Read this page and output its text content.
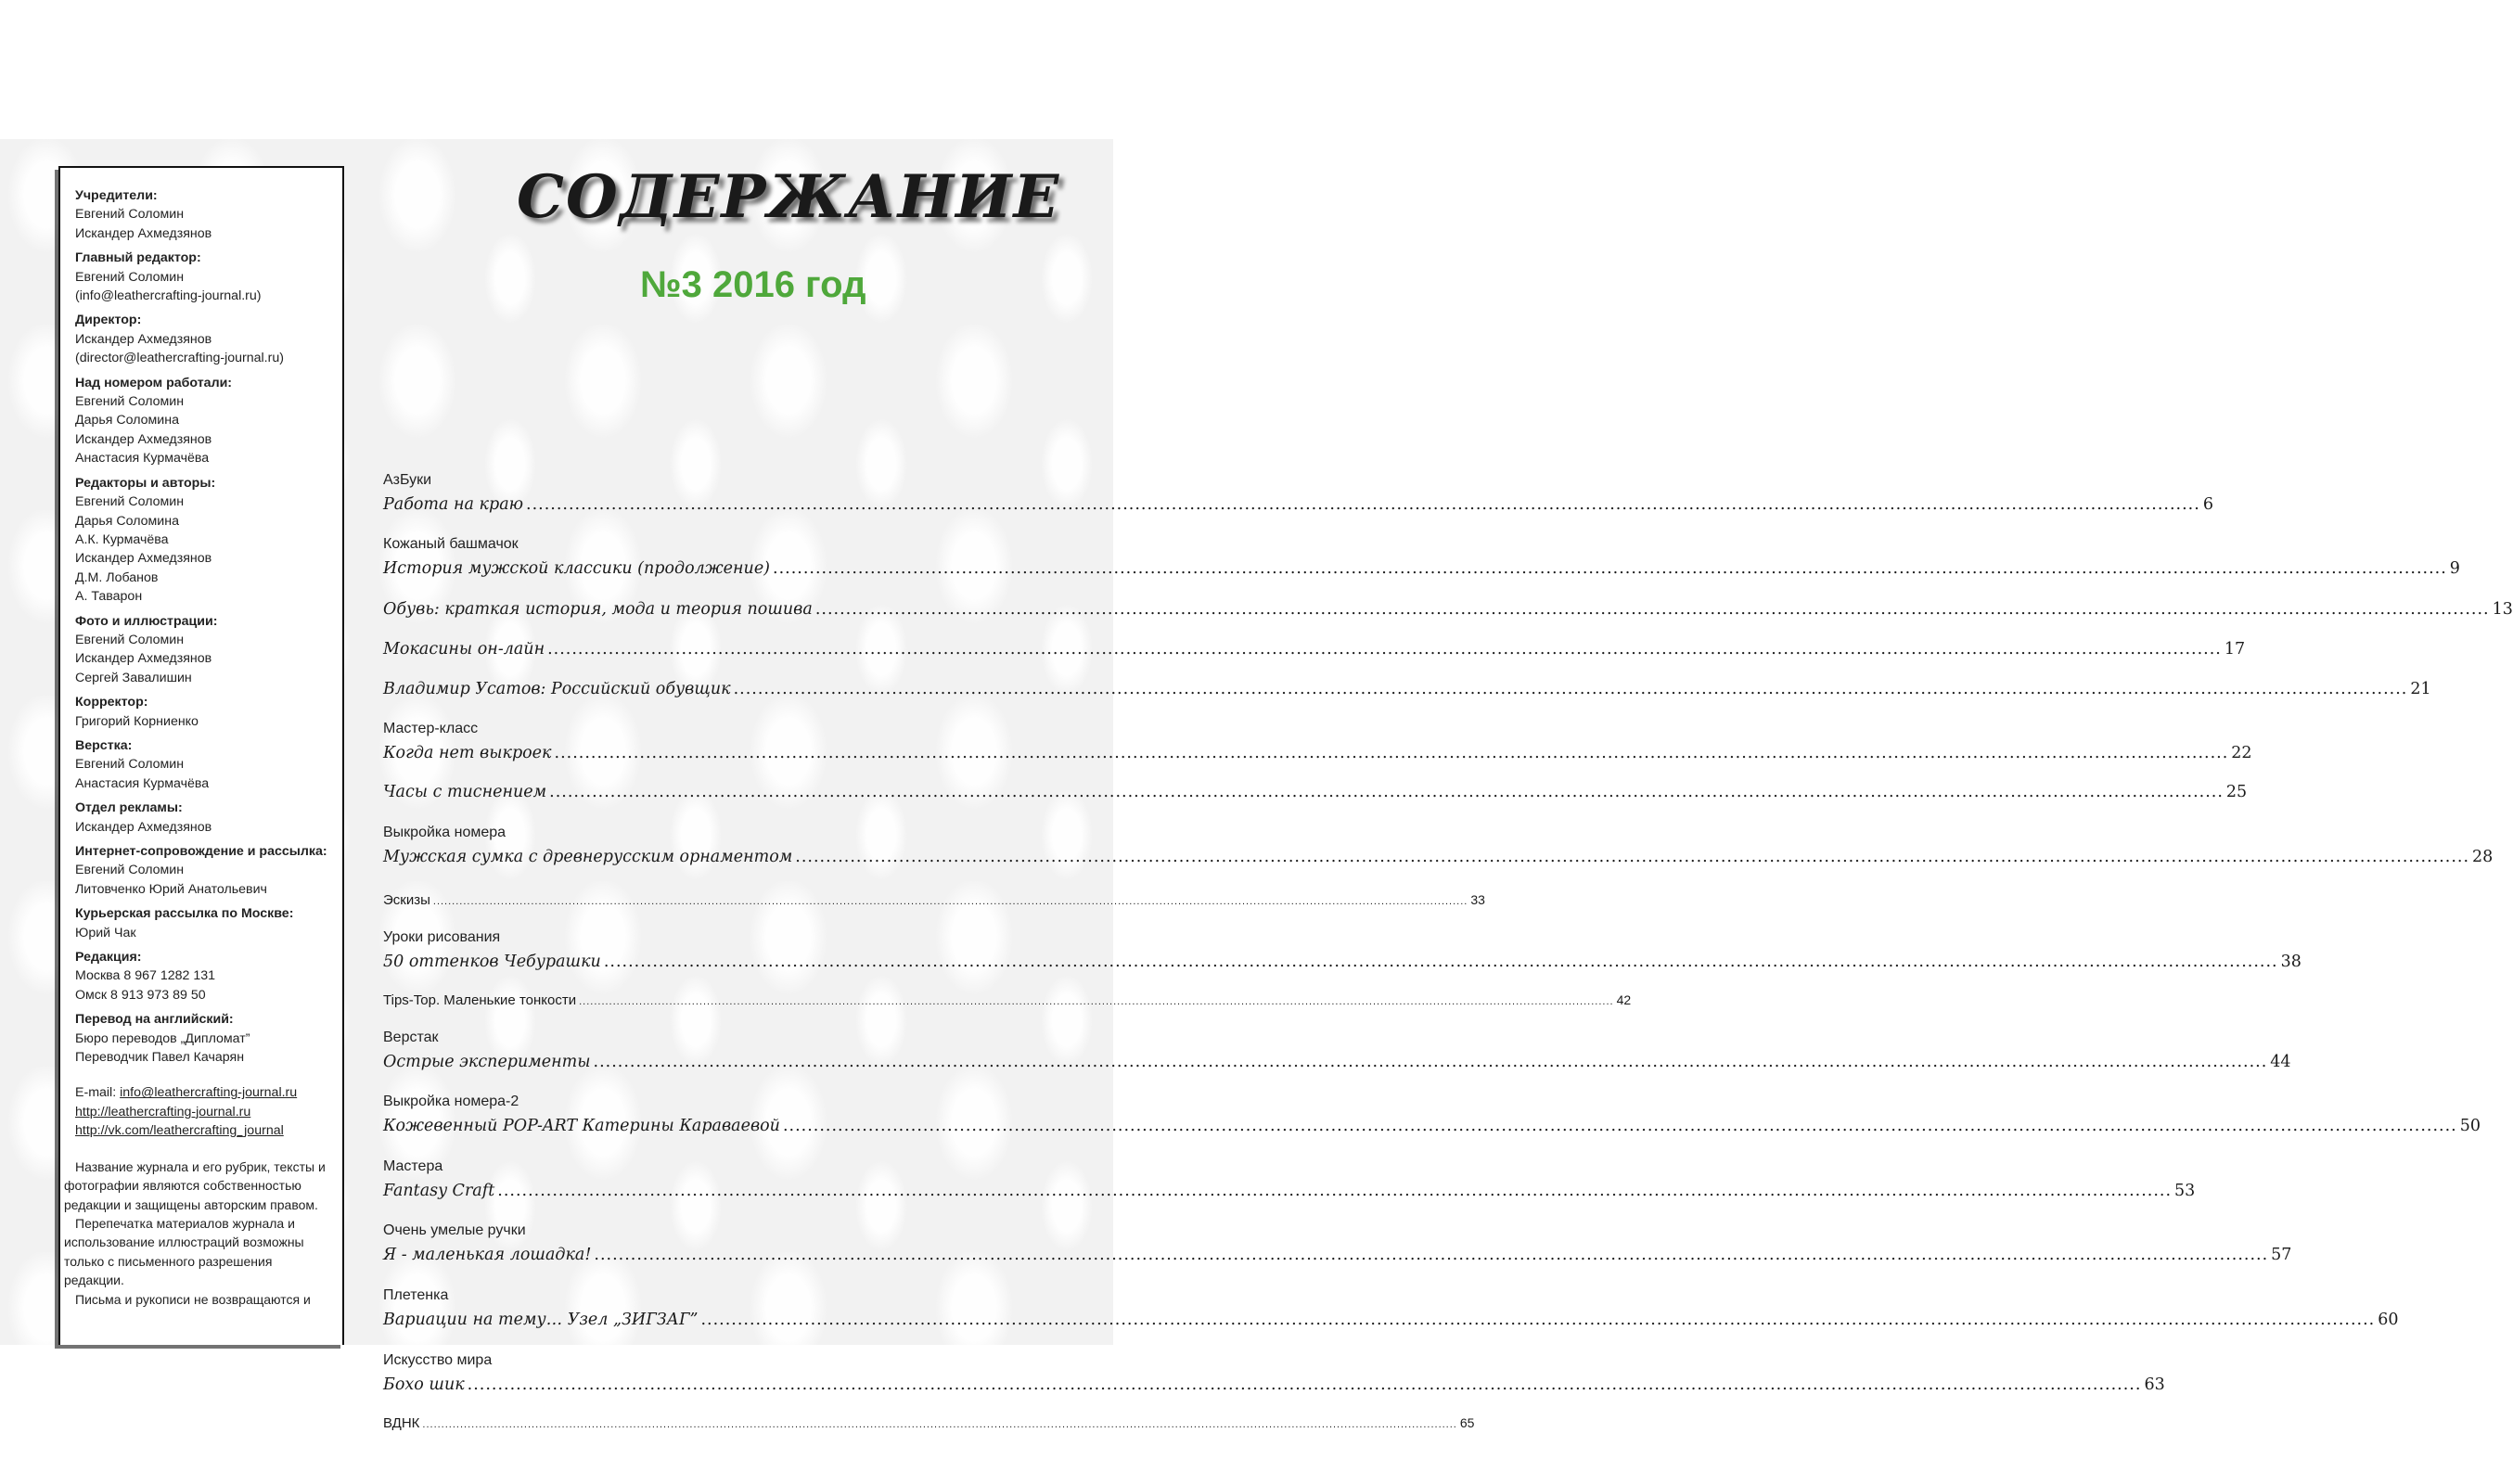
Учредители:
Евгений Соломин
Искандер Ахмедзянов
Главный редактор:
Евгений Соломин
(info@leathercrafting-journal.ru)
Директор:
Искандер Ахмедзянов
(director@leathercrafting-journal.ru)
Над номером работали:
Евгений Соломин
Дарья Соломина
Искандер Ахмедзянов
Анастасия Курмачёва
Редакторы и авторы:
Евгений Соломин
Дарья Соломина
А.К. Курмачёва
Искандер Ахмедзянов
Д.М. Лобанов
А. Таварон
Фото и иллюстрации:
Евгений Соломин
Искандер Ахмедзянов
Сергей Завалишин
Корректор:
Григорий Корниенко
Верстка:
Евгений Соломин
Анастасия Курмачёва
Отдел рекламы:
Искандер Ахмедзянов
Интернет-сопровождение и рассылка:
Евгений Соломин
Литовченко Юрий Анатольевич
Курьерская рассылка по Москве:
Юрий Чак
Редакция:
Москва 8 967 1282 131
Омск 8 913 973 89 50
Перевод на английский:
Бюро переводов „Дипломат”
Переводчик Павел Качарян
E-mail: info@leathercrafting-journal.ru
http://leathercrafting-journal.ru
http://vk.com/leathercrafting_journal

Название журнала и его рубрик, тексты и фотографии являются собственностью редакции и защищены авторским правом.

Перепечатка материалов журнала и использование иллюстраций возможны только с письменного разрешения редакции.

Письма и рукописи не возвращаются и

СОДЕРЖАНИЕ
№3 2016 год
АзБуки
Работа на краю .....	6
Кожаный башмачок
История мужской классики (продолжение) .....	9
Обувь: краткая история, мода и теория пошива .....	13
Мокасины он-лайн .....	17
Владимир Усатов: Российский обувщик .....	21
Мастер-класс
Когда нет выкроек .....	22
Часы с тиснением .....	25
Выкройка номера
Мужская сумка с древнерусским орнаментом .....	28
Эскизы .....	33
Уроки рисования
50 оттенков Чебурашки .....	38
Tips-Top. Маленькие тонкости .....	42
Верстак
Острые эксперименты .....	44
Выкройка номера-2
Кожевенный POP-ART Катерины Караваевой .....	50
Мастера
Fantasy Craft .....	53
Очень умелые ручки
Я - маленькая лошадка! .....	57
Плетенка
Вариации на тему… Узел „ЗИГЗАГ” .....	60
Искусство мира
Бохо шик .....	63
ВДНК .....	65
